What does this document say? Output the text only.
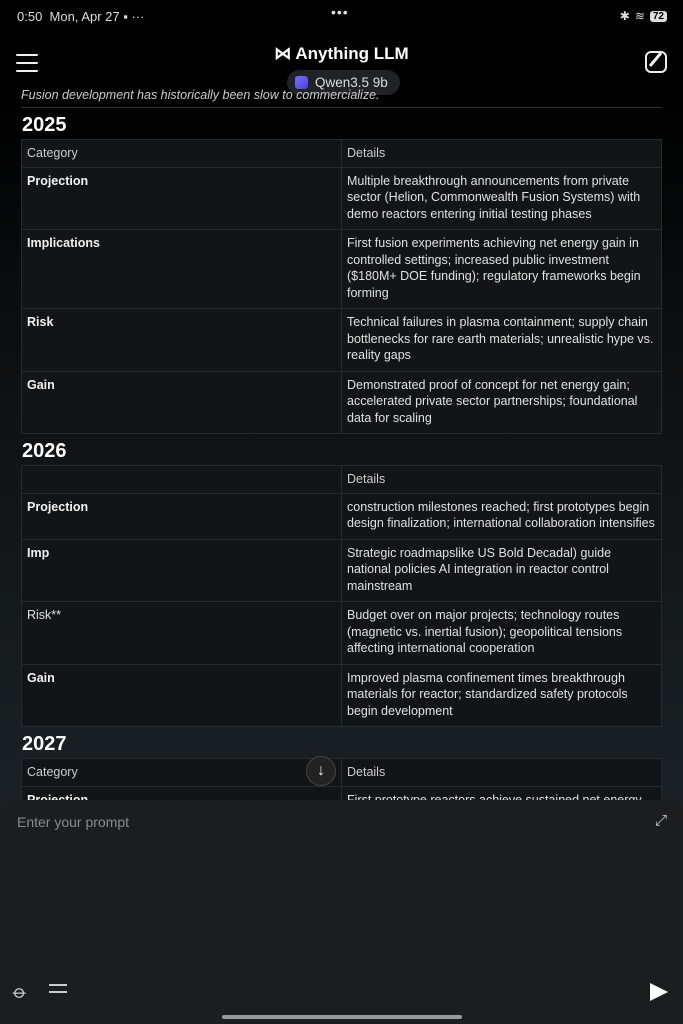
0:50 Mon, Apr 27 ▪ ···	•••	✱ ≋ 72
⋈ Anything LLM
Qwen3.5 9b
Fusion development has historically been slow to commercialize.
2025
Category	Details
Projection	Multiple breakthrough announcements from private sector (Helion, Commonwealth Fusion Systems) with demo reactors entering initial testing phases
Implications	First fusion experiments achieving net energy gain in controlled settings; increased public investment ($180M+ DOE funding); regulatory frameworks begin forming
Risk	Technical failures in plasma containment; supply chain bottlenecks for rare earth materials; unrealistic hype vs. reality gaps
Gain	Demonstrated proof of concept for net energy gain; accelerated private sector partnerships; foundational data for scaling
2026
	Details
Projection	construction milestones reached; first prototypes begin design finalization; international collaboration intensifies
Imp	Strategic roadmapslike US Bold Decadal) guide national policies AI integration in reactor control mainstream
Risk**	Budget over on major projects; technology routes (magnetic vs. inertial fusion); geopolitical tensions affecting international cooperation
Gain	Improved plasma confinement times breakthrough materials for reactor; standardized safety protocols begin development
2027
Category	Details

↓
Enter your prompt	⤢
⌀
